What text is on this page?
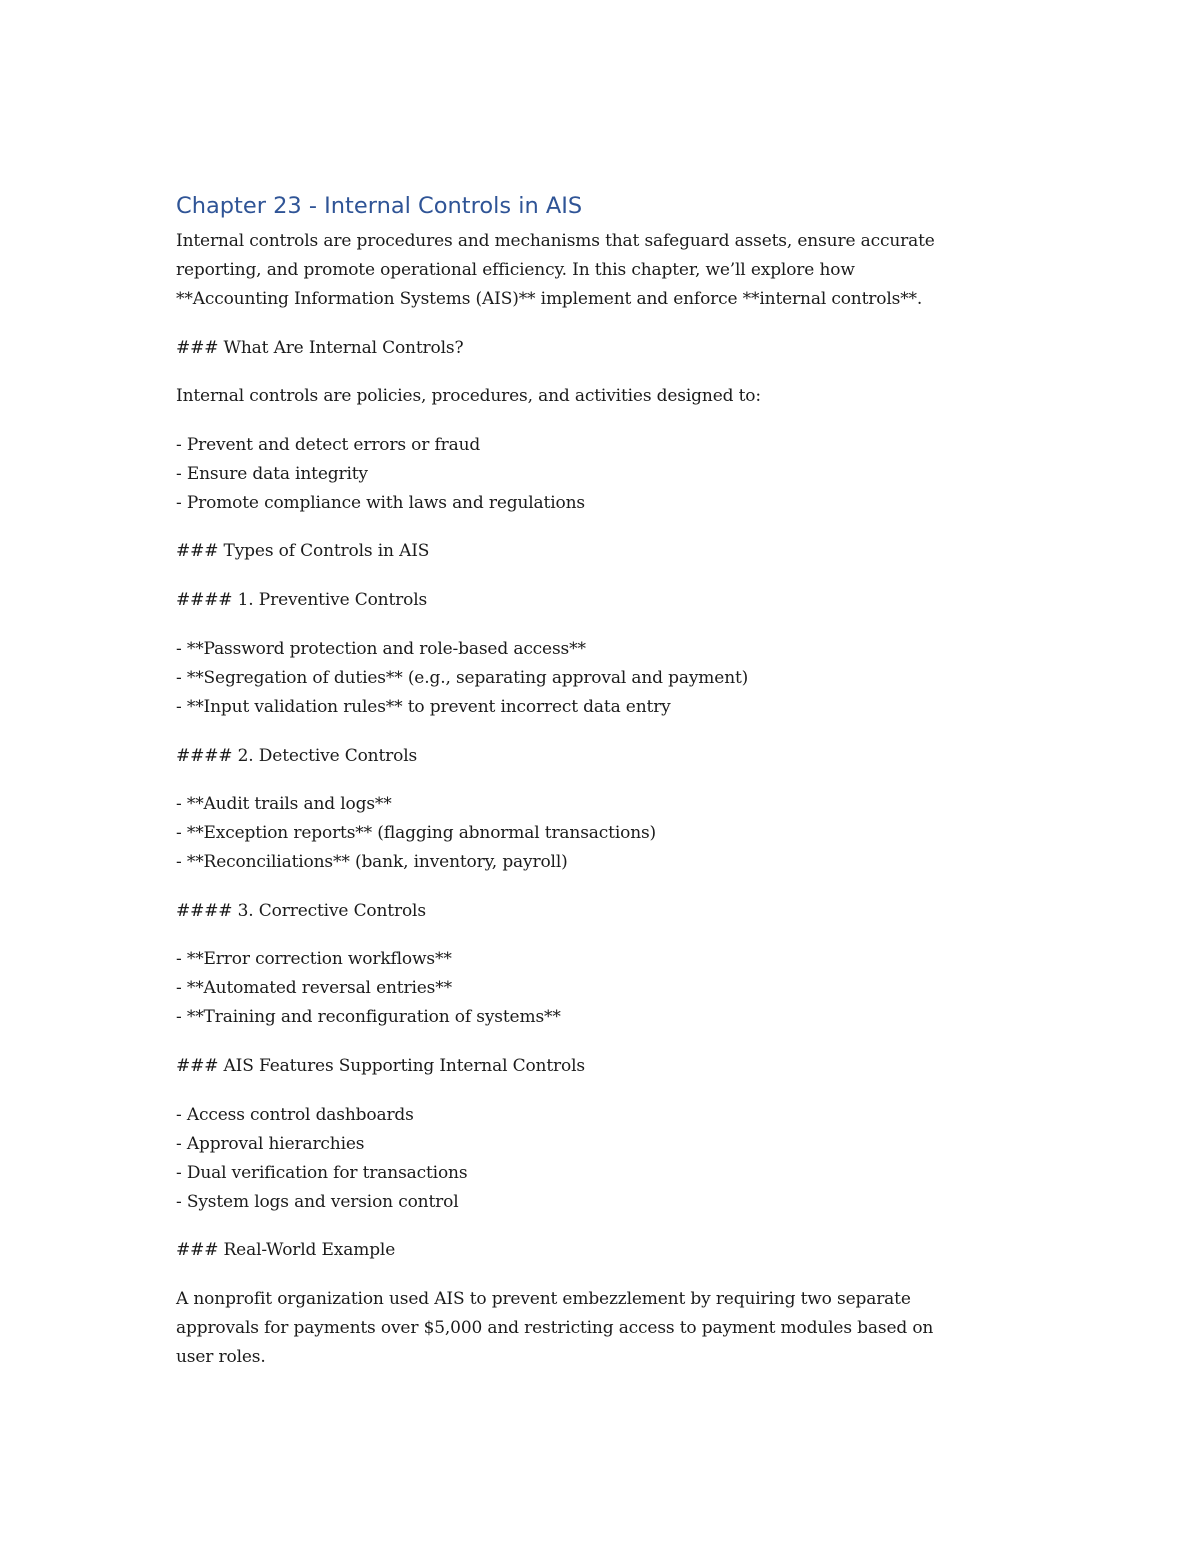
Chapter 23 - Internal Controls in AIS

Internal controls are procedures and mechanisms that safeguard assets, ensure accurate

reporting, and promote operational efficiency. In this chapter, we’ll explore how

**Accounting Information Systems (AIS)** implement and enforce **internal controls**.

### What Are Internal Controls?

Internal controls are policies, procedures, and activities designed to:

- Prevent and detect errors or fraud

- Ensure data integrity

- Promote compliance with laws and regulations

### Types of Controls in AIS

#### 1. Preventive Controls

- **Password protection and role-based access**

- **Segregation of duties** (e.g., separating approval and payment)

- **Input validation rules** to prevent incorrect data entry

#### 2. Detective Controls

- **Audit trails and logs**

- **Exception reports** (flagging abnormal transactions)

- **Reconciliations** (bank, inventory, payroll)

#### 3. Corrective Controls

- **Error correction workflows**

- **Automated reversal entries**

- **Training and reconfiguration of systems**

### AIS Features Supporting Internal Controls

- Access control dashboards

- Approval hierarchies

- Dual verification for transactions

- System logs and version control

### Real-World Example

A nonprofit organization used AIS to prevent embezzlement by requiring two separate

approvals for payments over $5,000 and restricting access to payment modules based on

user roles.
